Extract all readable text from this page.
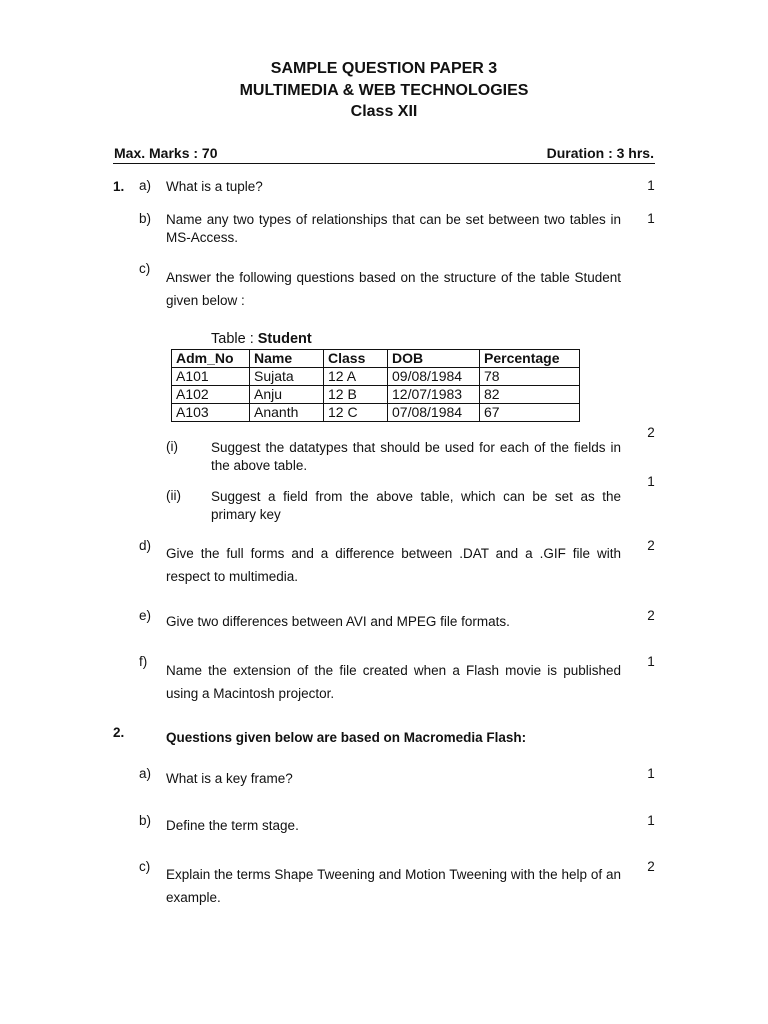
SAMPLE QUESTION PAPER 3
MULTIMEDIA & WEB TECHNOLOGIES
Class XII
Max. Marks : 70	Duration : 3 hrs.
1. a) What is a tuple?	1
b) Name any two types of relationships that can be set between two tables in MS-Access.
1
c)
Answer the following questions based on the structure of the table Student given below :
Table : Student
Adm_No	Name	Class	DOB	Percentage
A101	Sujata	12 A	09/08/1984	78
A102	Anju	12 B	12/07/1983	82
A103	Ananth	12 C	07/08/1984	67
2
(i) Suggest the datatypes that should be used for each of the fields in the above table.
1
(ii) Suggest a field from the above table, which can be set as the primary key
d)
Give the full forms and a difference between .DAT and a .GIF file with respect to multimedia.
2
e) Give two differences between AVI and MPEG file formats.	2
f)
Name the extension of the file created when a Flash movie is published using a Macintosh projector.
1
2.	Questions given below are based on Macromedia Flash:
a) What is a key frame?	1
b) Define the term stage.	1
c)
Explain the terms Shape Tweening and Motion Tweening with the help of an example.
2
